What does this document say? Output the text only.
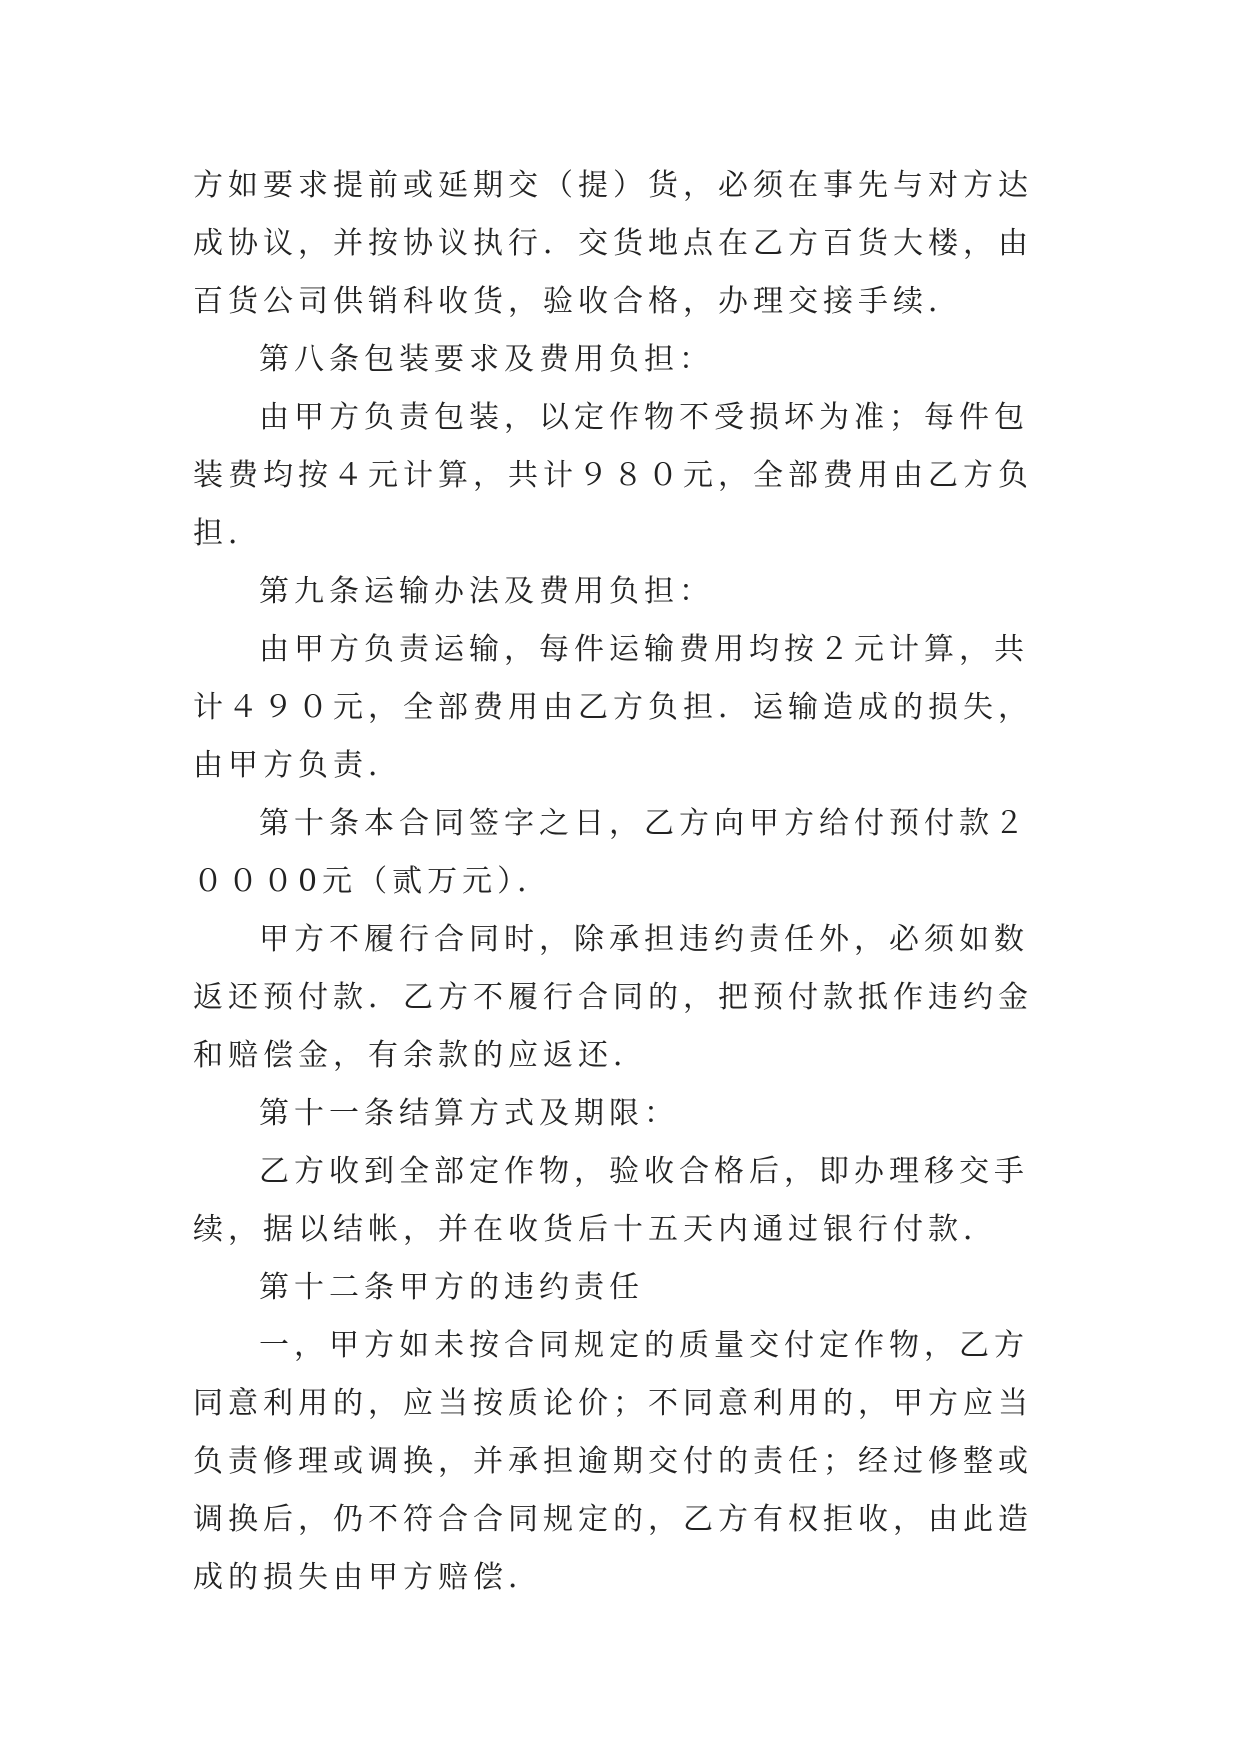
方如要求提前或延期交（提）货，必须在事先与对方达成协议，并按协议执行．交货地点在乙方百货大楼，由百货公司供销科收货，验收合格，办理交接手续．

第八条包装要求及费用负担：

由甲方负责包装，以定作物不受损坏为准；每件包装费均按４元计算，共计９８０元，全部费用由乙方负担．

第九条运输办法及费用负担：

由甲方负责运输，每件运输费用均按２元计算，共计４９０元，全部费用由乙方负担．运输造成的损失，由甲方负责．

第十条本合同签字之日，乙方向甲方给付预付款２０００0元（贰万元）．

甲方不履行合同时，除承担违约责任外，必须如数返还预付款．乙方不履行合同的，把预付款抵作违约金和赔偿金，有余款的应返还．

第十一条结算方式及期限：

乙方收到全部定作物，验收合格后，即办理移交手续，据以结帐，并在收货后十五天内通过银行付款．

第十二条甲方的违约责任

一，甲方如未按合同规定的质量交付定作物，乙方同意利用的，应当按质论价；不同意利用的，甲方应当负责修理或调换，并承担逾期交付的责任；经过修整或调换后，仍不符合合同规定的，乙方有权拒收，由此造成的损失由甲方赔偿．
